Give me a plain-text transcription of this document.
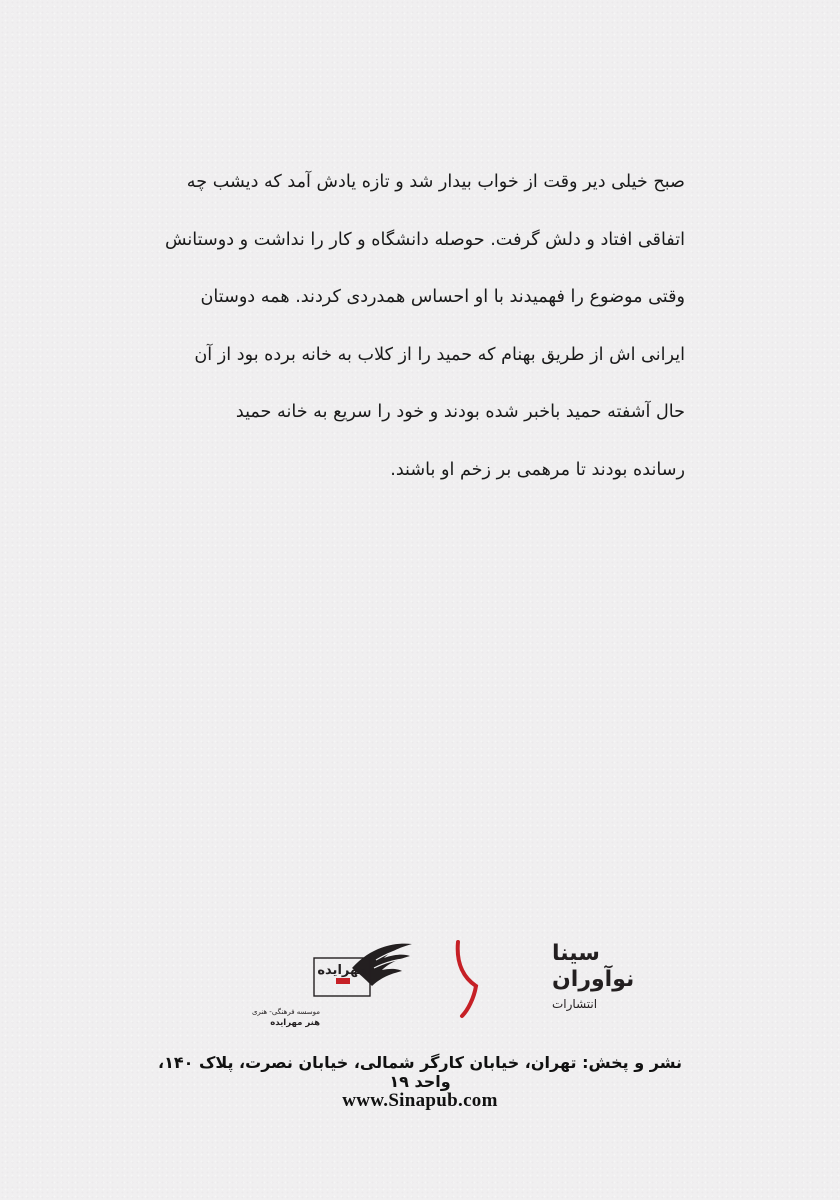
صبح خیلی دیر وقت از خواب بیدار شد و تازه یادش آمد که دیشب چه
اتفاقی افتاد و دلش گرفت. حوصله دانشگاه و کار را نداشت و دوستانش
وقتی موضوع را فهمیدند با او احساس همدردی کردند. همه دوستان
ایرانی اش از طریق بهنام که حمید را از کلاب به خانه برده بود از آن
حال آشفته حمید باخبر شده بودند و خود را سریع به خانه حمید
رسانده بودند تا مرهمی بر زخم او باشند.
مهرایده
موسسه فرهنگی- هنری
هنر مهرایده
سینا
نوآوران
انتشارات
نشر و پخش: تهران، خیابان کارگر شمالی، خیابان نصرت، پلاک ۱۴۰، واحد ۱۹
www.Sinapub.com
